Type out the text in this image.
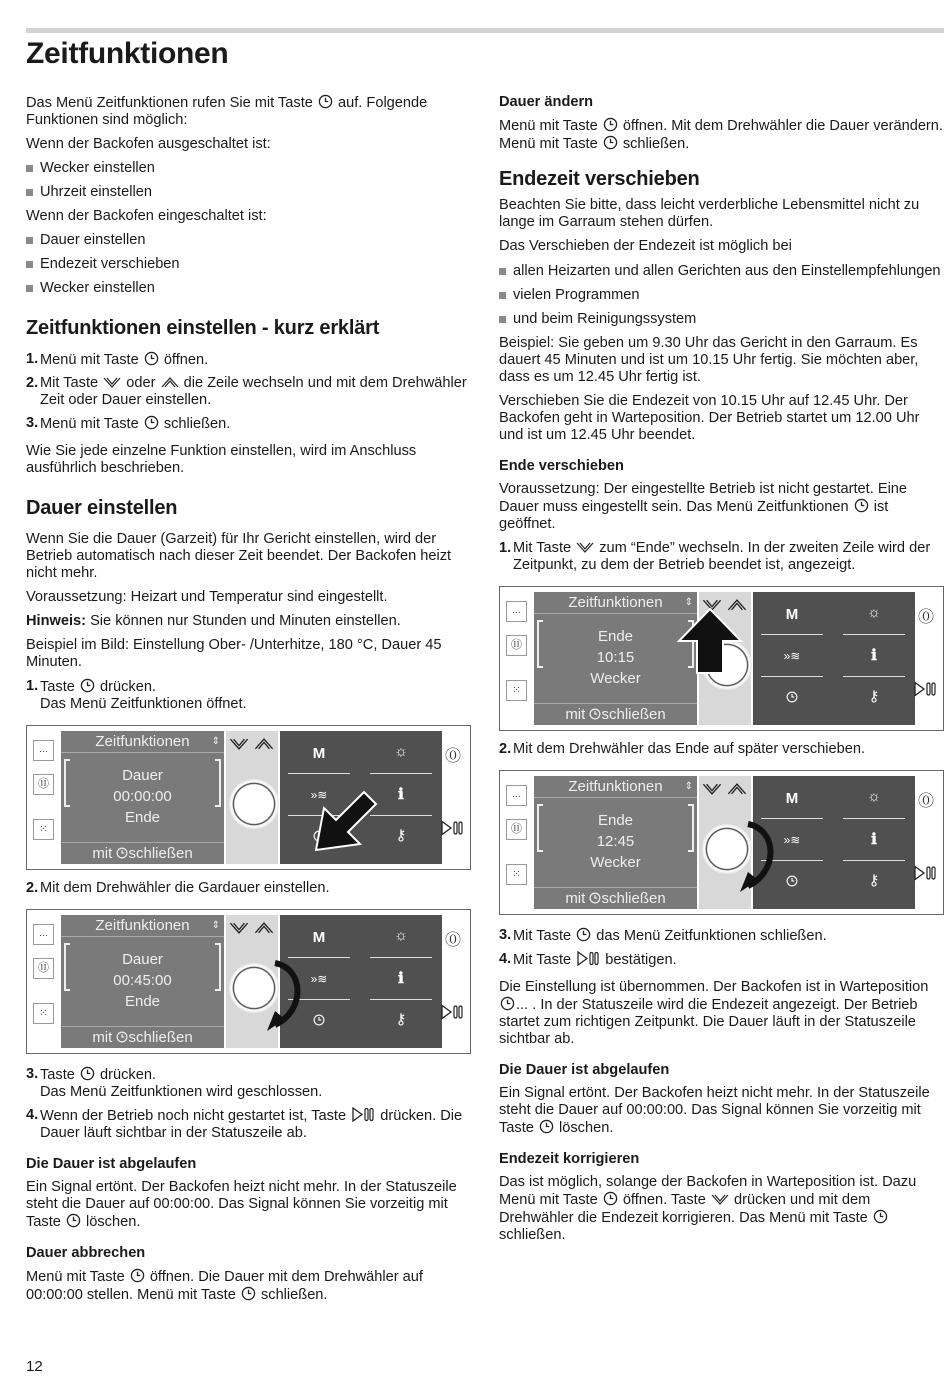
Zeitfunktionen

Das Menü Zeitfunktionen rufen Sie mit Taste auf. Folgende Funktionen sind möglich:

Wenn der Backofen ausgeschaltet ist:

Wecker einstellen
Uhrzeit einstellen

Wenn der Backofen eingeschaltet ist:

Dauer einstellen
Endezeit verschieben
Wecker einstellen
Zeitfunktionen einstellen - kurz erklärt
1. Menü mit Taste öffnen.
2. Mit Taste oder die Zeile wechseln und mit dem Drehwähler Zeit oder Dauer einstellen.
3. Menü mit Taste schließen.

Wie Sie jede einzelne Funktion einstellen, wird im Anschluss ausführlich beschrieben.

Dauer einstellen

Wenn Sie die Dauer (Garzeit) für Ihr Gericht einstellen, wird der Betrieb automatisch nach dieser Zeit beendet. Der Backofen heizt nicht mehr.

Voraussetzung: Heizart und Temperatur sind eingestellt.

Hinweis: Sie können nur Stunden und Minuten einstellen.

Beispiel im Bild: Einstellung Ober- /Unterhitze, 180 °C, Dauer 45 Minuten.

1. Taste drücken.
Das Menü Zeitfunktionen öffnet.
…
⑪
⁙
Zeitfunktionen ⇕
Dauer
00:00:00
Ende
mit schließen
M	☼
»≋	ℹ
⚷
⓪
2. Mit dem Drehwähler die Gardauer einstellen.
…
⑪
⁙
Zeitfunktionen ⇕
Dauer
00:45:00
Ende
mit schließen
M	☼
»≋	ℹ
⚷
⓪
3. Taste drücken.
Das Menü Zeitfunktionen wird geschlossen.
4. Wenn der Betrieb noch nicht gestartet ist, Taste drücken. Die Dauer läuft sichtbar in der Statuszeile ab.
Die Dauer ist abgelaufen

Ein Signal ertönt. Der Backofen heizt nicht mehr. In der Statuszeile steht die Dauer auf 00:00:00. Das Signal können Sie vorzeitig mit Taste löschen.

Dauer abbrechen

Menü mit Taste öffnen. Die Dauer mit dem Drehwähler auf 00:00:00 stellen. Menü mit Taste schließen.

Dauer ändern

Menü mit Taste öffnen. Mit dem Drehwähler die Dauer verändern. Menü mit Taste schließen.

Endezeit verschieben

Beachten Sie bitte, dass leicht verderbliche Lebensmittel nicht zu lange im Garraum stehen dürfen.

Das Verschieben der Endezeit ist möglich bei

allen Heizarten und allen Gerichten aus den Einstellempfehlungen
vielen Programmen
und beim Reinigungssystem

Beispiel: Sie geben um 9.30 Uhr das Gericht in den Garraum. Es dauert 45 Minuten und ist um 10.15 Uhr fertig. Sie möchten aber, dass es um 12.45 Uhr fertig ist.

Verschieben Sie die Endezeit von 10.15 Uhr auf 12.45 Uhr. Der Backofen geht in Warteposition. Der Betrieb startet um 12.00 Uhr und ist um 12.45 Uhr beendet.

Ende verschieben

Voraussetzung: Der eingestellte Betrieb ist nicht gestartet. Eine Dauer muss eingestellt sein. Das Menü Zeitfunktionen ist geöffnet.

1. Mit Taste zum “Ende” wechseln. In der zweiten Zeile wird der Zeitpunkt, zu dem der Betrieb beendet ist, angezeigt.
…
⑪
⁙
Zeitfunktionen ⇕
Ende
10:15
Wecker
mit schließen
M	☼
»≋	ℹ
⚷
⓪
2. Mit dem Drehwähler das Ende auf später verschieben.
…
⑪
⁙
Zeitfunktionen ⇕
Ende
12:45
Wecker
mit schließen
M	☼
»≋	ℹ
⚷
⓪
3. Mit Taste das Menü Zeitfunktionen schließen.
4. Mit Taste bestätigen.

Die Einstellung ist übernommen. Der Backofen ist in Warteposition ... . In der Statuszeile wird die Endezeit angezeigt. Der Betrieb startet zum richtigen Zeitpunkt. Die Dauer läuft in der Statuszeile sichtbar ab.

Die Dauer ist abgelaufen

Ein Signal ertönt. Der Backofen heizt nicht mehr. In der Statuszeile steht die Dauer auf 00:00:00. Das Signal können Sie vorzeitig mit Taste löschen.

Endezeit korrigieren

Das ist möglich, solange der Backofen in Warteposition ist. Dazu Menü mit Taste öffnen. Taste drücken und mit dem Drehwähler die Endezeit korrigieren. Das Menü mit Taste  schließen.

12
